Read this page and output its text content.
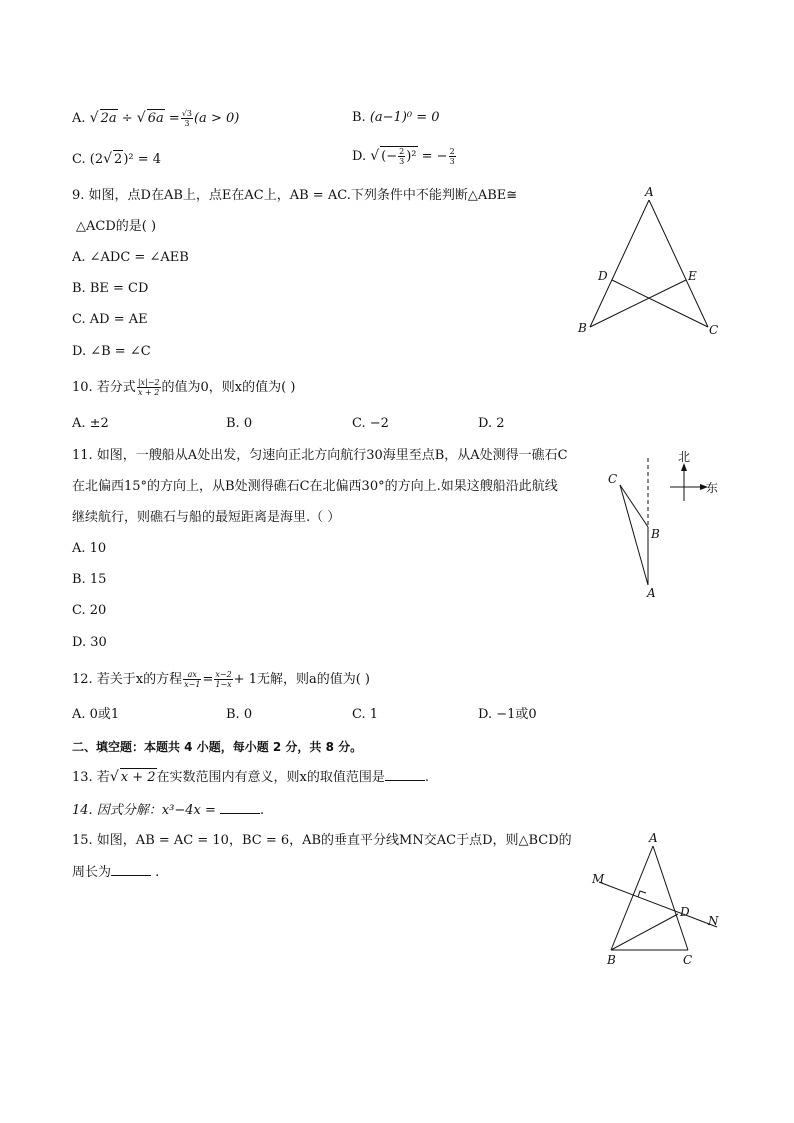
A. √ 2a ÷ √ $6a = \frac{√3}{3} (a > 0)$	B. (a−1)⁰ = 0
C. (2√ 2)² = 4	D. √ (− $\frac{2}{3} )^2$ = − $\frac{2}{3}$
9. 如图，点D在AB上，点E在AC上，AB = AC.下列条件中不能判断△ABE≅
△ACD的是( )
A. ∠ADC = ∠AEB
B. BE = CD
C. AD = AE
D. ∠B = ∠C
A
D	E
B	C
10. 若分式 $\frac{|x|-2}{x + 2}$ 的值为0，则x的值为( )
A. ±2	B. 0	C. −2	D. 2
11. 如图，一艘船从A处出发，匀速向正北方向航行30海里至点B，从A处测得一礁石C
在北偏西15°的方向上，从B处测得礁石C在北偏西30°的方向上.如果这艘船沿此航线
继续航行，则礁石与船的最短距离是海里.（ ）
A. 10
B. 15
C. 20
D. 30
C
B
A
北
东
12. 若关于x的方程 $\frac{ax}{x-1} = \frac{x-2}{1-x} + 1$无解，则a的值为( )
A. 0或1	B. 0	C. 1	D. −1或0
二、填空题：本题共 4 小题，每小题 2 分，共 8 分。
13. 若√ x + 2在实数范围内有意义，则x的取值范围是	.
14. 因式分解：x³−4x =	.
15. 如图，AB = AC = 10，BC = 6，AB的垂直平分线MN交AC于点D，则△BCD的
周长为	.
A
M
D
N
B	C
